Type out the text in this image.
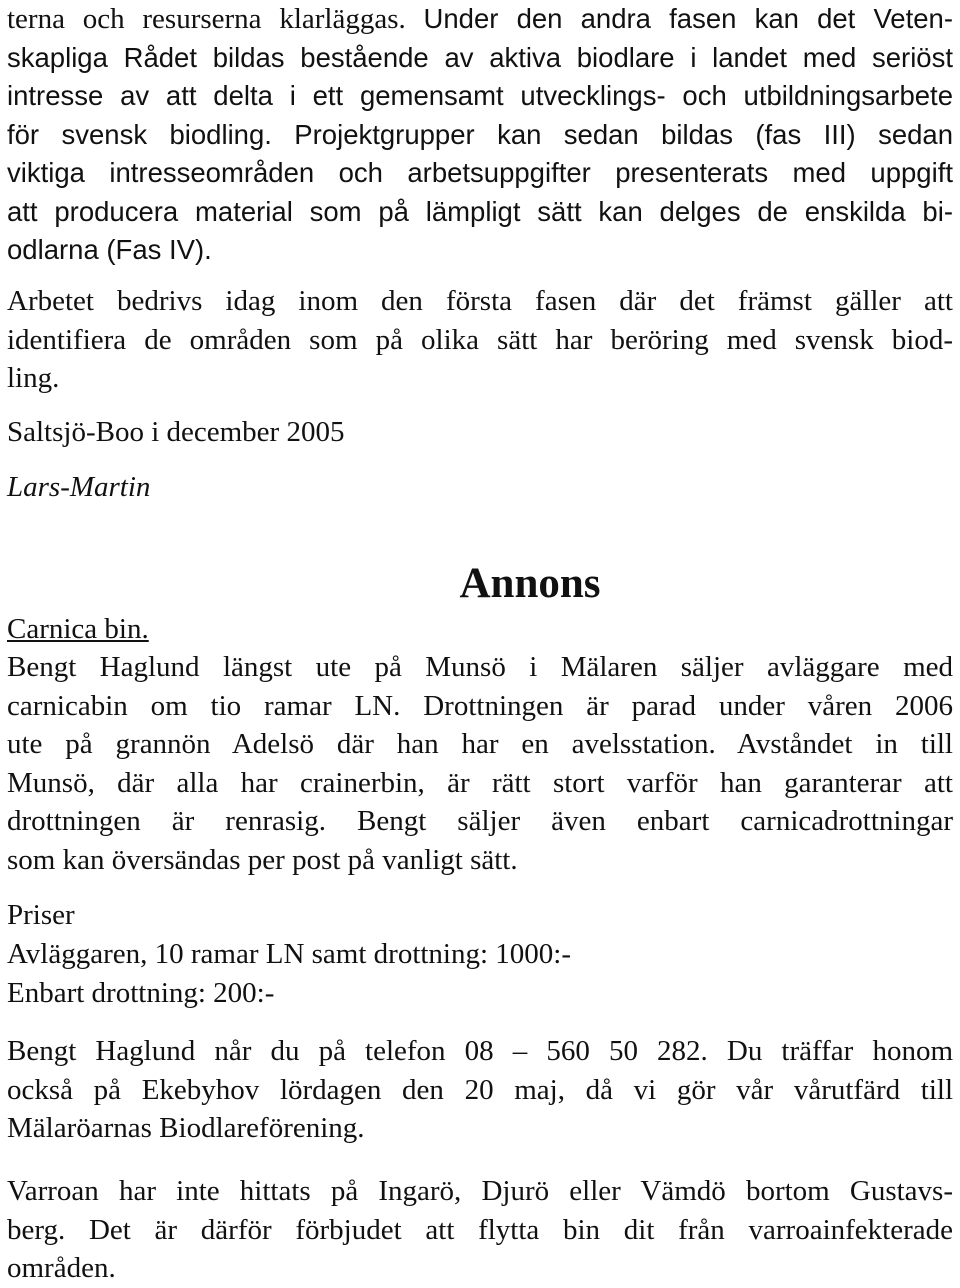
terna och resurserna klarläggas. Under den andra fasen kan det Veten-
skapliga Rådet bildas bestående av aktiva biodlare i landet med seriöst
intresse av att delta i ett gemensamt utvecklings- och utbildningsarbete
för svensk biodling. Projektgrupper kan sedan bildas (fas III) sedan
viktiga intresseområden och arbetsuppgifter presenterats med uppgift
att producera material som på lämpligt sätt kan delges de enskilda bi-
odlarna (Fas IV).

Arbetet bedrivs idag inom den första fasen där det främst gäller att
identifiera de områden som på olika sätt har beröring med svensk biod-
ling.

Saltsjö-Boo i december 2005

Lars-Martin

Annons

Carnica bin.

Bengt Haglund längst ute på Munsö i Mälaren säljer avläggare med
carnicabin om tio ramar LN. Drottningen är parad under våren 2006
ute på grannön Adelsö där han har en avelsstation. Avståndet in till
Munsö, där alla har crainerbin, är rätt stort varför han garanterar att
drottningen är renrasig. Bengt säljer även enbart carnicadrottningar
som kan översändas per post på vanligt sätt.

Priser

Avläggaren, 10 ramar LN samt drottning: 1000:-
Enbart drottning: 200:-

Bengt Haglund når du på telefon 08 – 560 50 282. Du träffar honom
också på Ekebyhov lördagen den 20 maj, då vi gör vår vårutfärd till
Mälaröarnas Biodlareförening.

Varroan har inte hittats på Ingarö, Djurö eller Vämdö bortom Gustavs-
berg. Det är därför förbjudet att flytta bin dit från varroainfekterade
områden.
